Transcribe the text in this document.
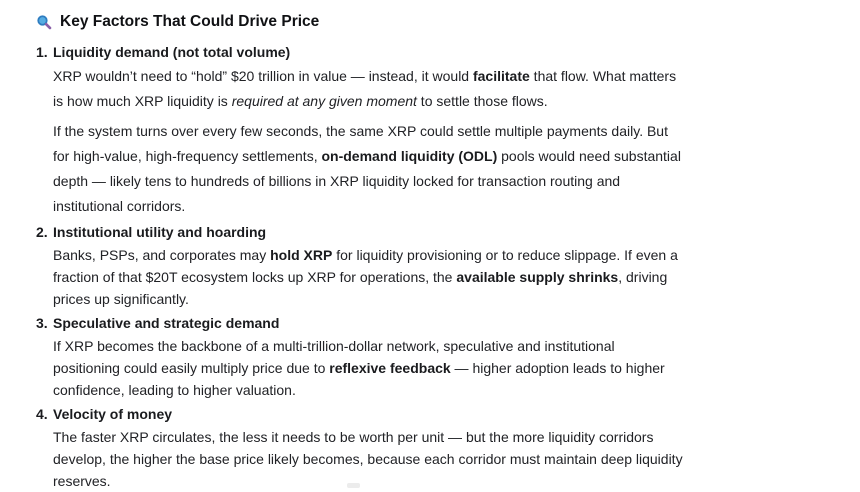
Key Factors That Could Drive Price
1. Liquidity demand (not total volume)

XRP wouldn’t need to “hold” $20 trillion in value — instead, it would facilitate that flow. What matters is how much XRP liquidity is required at any given moment to settle those flows.

If the system turns over every few seconds, the same XRP could settle multiple payments daily. But for high-value, high-frequency settlements, on-demand liquidity (ODL) pools would need substantial depth — likely tens to hundreds of billions in XRP liquidity locked for transaction routing and institutional corridors.

2. Institutional utility and hoarding

Banks, PSPs, and corporates may hold XRP for liquidity provisioning or to reduce slippage. If even a fraction of that $20T ecosystem locks up XRP for operations, the available supply shrinks, driving prices up significantly.

3. Speculative and strategic demand

If XRP becomes the backbone of a multi-trillion-dollar network, speculative and institutional positioning could easily multiply price due to reflexive feedback — higher adoption leads to higher confidence, leading to higher valuation.

4. Velocity of money

The faster XRP circulates, the less it needs to be worth per unit — but the more liquidity corridors develop, the higher the base price likely becomes, because each corridor must maintain deep liquidity reserves.
